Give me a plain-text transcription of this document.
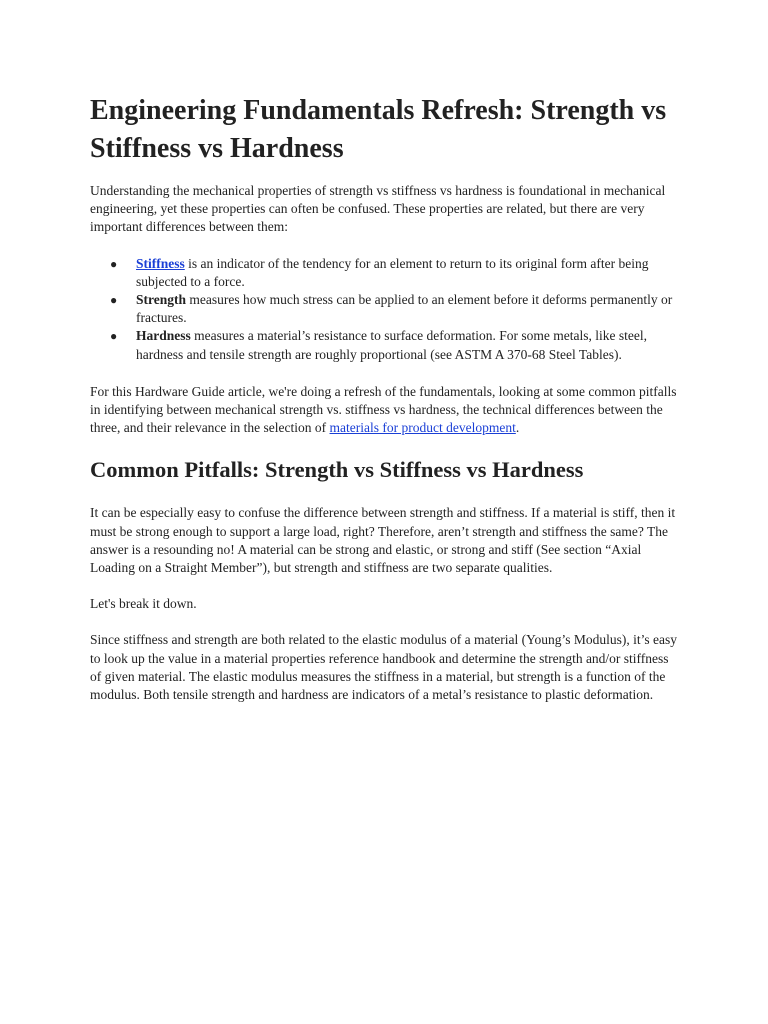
Engineering Fundamentals Refresh: Strength vs Stiffness vs Hardness

Understanding the mechanical properties of strength vs stiffness vs hardness is foundational in mechanical engineering, yet these properties can often be confused. These properties are related, but there are very important differences between them:

● Stiffness is an indicator of the tendency for an element to return to its original form after being subjected to a force.
● Strength measures how much stress can be applied to an element before it deforms permanently or fractures.
● Hardness measures a material’s resistance to surface deformation. For some metals, like steel, hardness and tensile strength are roughly proportional (see ASTM A 370-68 Steel Tables).

For this Hardware Guide article, we're doing a refresh of the fundamentals, looking at some common pitfalls in identifying between mechanical strength vs. stiffness vs hardness, the technical differences between the three, and their relevance in the selection of materials for product development.

Common Pitfalls: Strength vs Stiffness vs Hardness

It can be especially easy to confuse the difference between strength and stiffness. If a material is stiff, then it must be strong enough to support a large load, right? Therefore, aren’t strength and stiffness the same? The answer is a resounding no! A material can be strong and elastic, or strong and stiff (See section “Axial Loading on a Straight Member”), but strength and stiffness are two separate qualities.

Let's break it down.

Since stiffness and strength are both related to the elastic modulus of a material (Young’s Modulus), it’s easy to look up the value in a material properties reference handbook and determine the strength and/or stiffness of given material. The elastic modulus measures the stiffness in a material, but strength is a function of the modulus. Both tensile strength and hardness are indicators of a metal’s resistance to plastic deformation.
